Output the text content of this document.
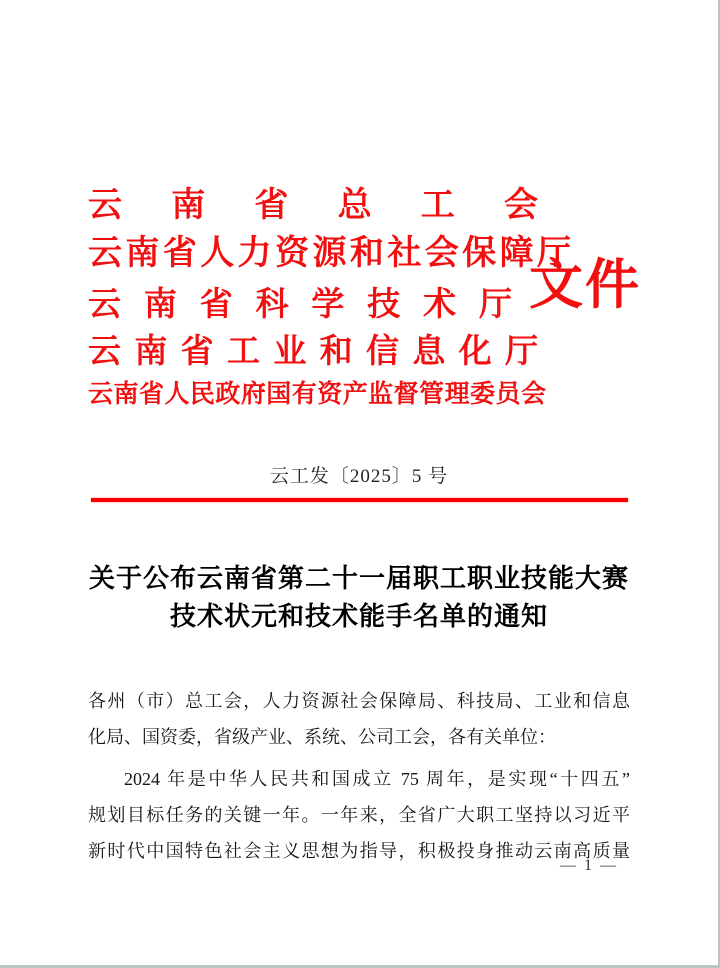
云南省总工会
云南省人力资源和社会保障厅
云南省科学技术厅
云南省工业和信息化厅
云南省人民政府国有资产监督管理委员会
文件
云工发〔2025〕5 号
关于公布云南省第二十一届职工职业技能大赛
技术状元和技术能手名单的通知

各州（市）总工会，人力资源社会保障局、科技局、工业和信息

化局、国资委，省级产业、系统、公司工会，各有关单位：

2024 年是中华人民共和国成立 75 周年，是实现“十四五”

规划目标任务的关键一年。一年来，全省广大职工坚持以习近平

新时代中国特色社会主义思想为指导，积极投身推动云南高质量

— 1 —
